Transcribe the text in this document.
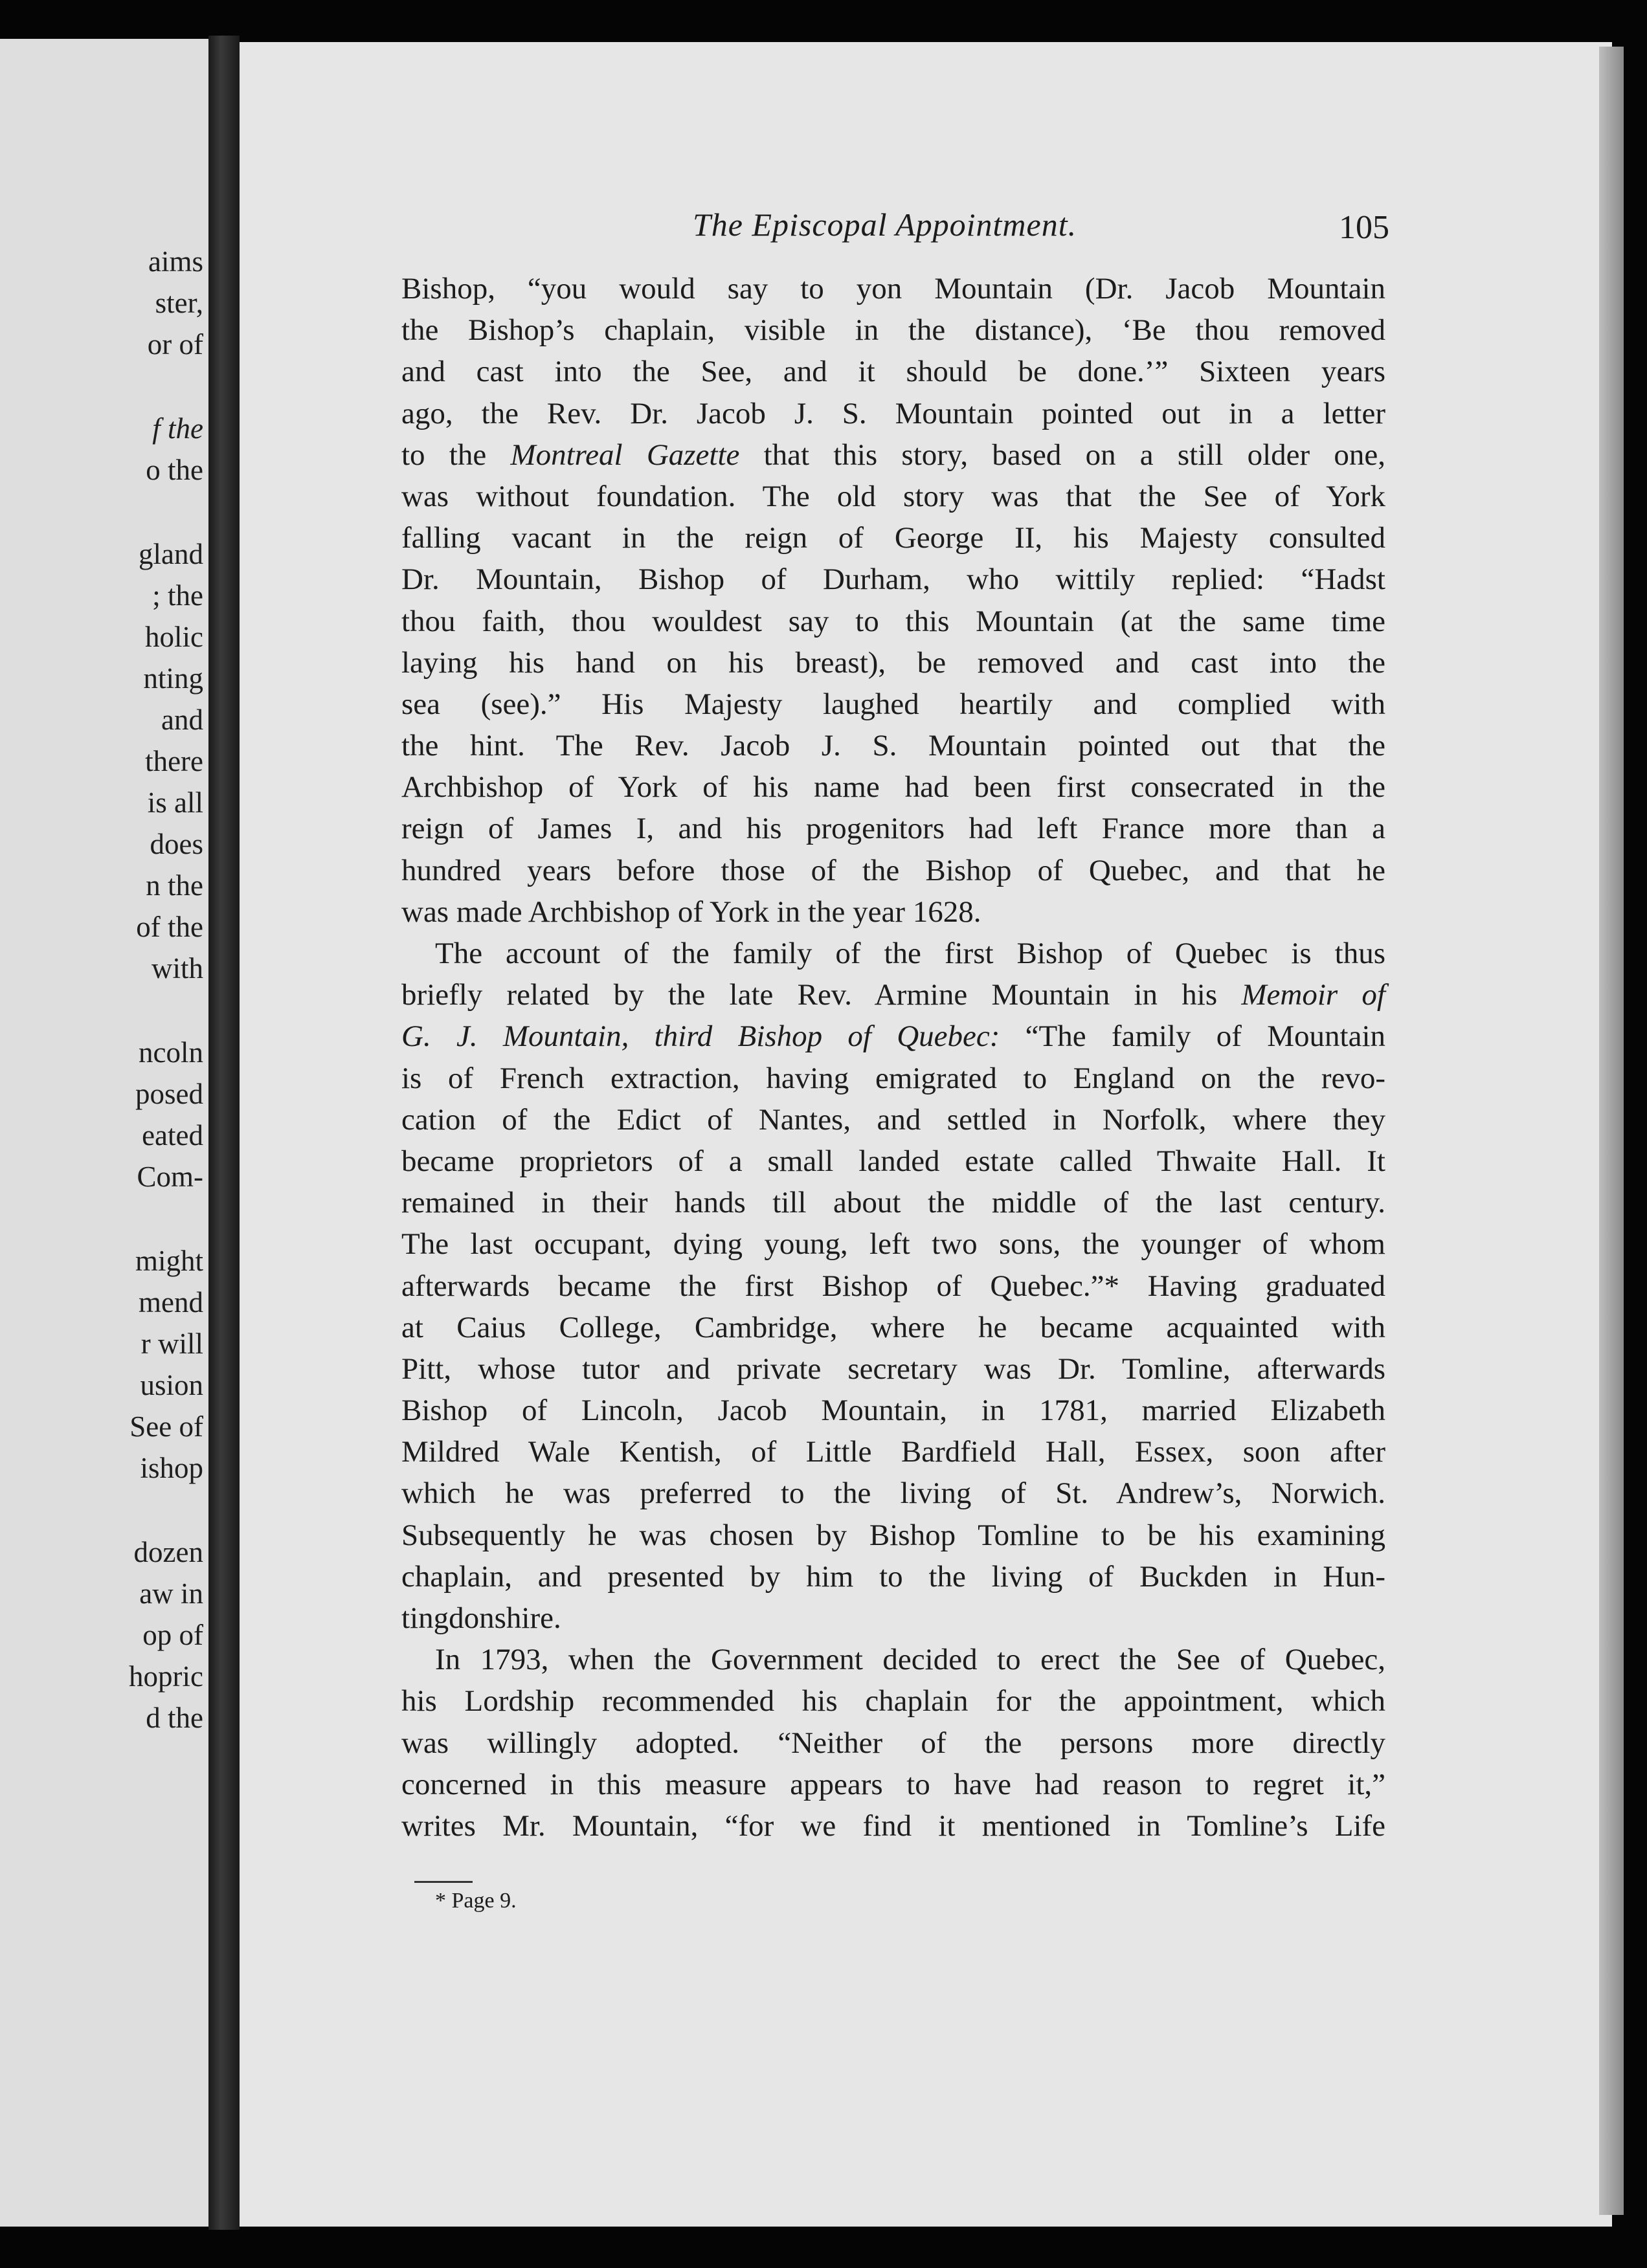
aims
ster,
or of
f the
o the
gland
; the
holic
nting
and
there
is all
does
n the
of the
with
ncoln
posed
eated
Com-
might
mend
r will
usion
See of
ishop
dozen
aw in
op of
hopric
d the
The Episcopal Appointment.	105
Bishop, “you would say to yon Mountain (Dr. Jacob Mountain
the Bishop’s chaplain, visible in the distance), ‘Be thou removed
and cast into the See, and it should be done.’” Sixteen years
ago, the Rev. Dr. Jacob J. S. Mountain pointed out in a letter
to the Montreal Gazette that this story, based on a still older one,
was without foundation. The old story was that the See of York
falling vacant in the reign of George II, his Majesty consulted
Dr. Mountain, Bishop of Durham, who wittily replied: “Hadst
thou faith, thou wouldest say to this Mountain (at the same time
laying his hand on his breast), be removed and cast into the
sea (see).” His Majesty laughed heartily and complied with
the hint. The Rev. Jacob J. S. Mountain pointed out that the
Archbishop of York of his name had been first consecrated in the
reign of James I, and his progenitors had left France more than a
hundred years before those of the Bishop of Quebec, and that he
was made Archbishop of York in the year 1628.
The account of the family of the first Bishop of Quebec is thus
briefly related by the late Rev. Armine Mountain in his Memoir of
G. J. Mountain, third Bishop of Quebec: “The family of Mountain
is of French extraction, having emigrated to England on the revo-
cation of the Edict of Nantes, and settled in Norfolk, where they
became proprietors of a small landed estate called Thwaite Hall. It
remained in their hands till about the middle of the last century.
The last occupant, dying young, left two sons, the younger of whom
afterwards became the first Bishop of Quebec.”* Having graduated
at Caius College, Cambridge, where he became acquainted with
Pitt, whose tutor and private secretary was Dr. Tomline, afterwards
Bishop of Lincoln, Jacob Mountain, in 1781, married Elizabeth
Mildred Wale Kentish, of Little Bardfield Hall, Essex, soon after
which he was preferred to the living of St. Andrew’s, Norwich.
Subsequently he was chosen by Bishop Tomline to be his examining
chaplain, and presented by him to the living of Buckden in Hun-
tingdonshire.
In 1793, when the Government decided to erect the See of Quebec,
his Lordship recommended his chaplain for the appointment, which
was willingly adopted. “Neither of the persons more directly
concerned in this measure appears to have had reason to regret it,”
writes Mr. Mountain, “for we find it mentioned in Tomline’s Life
* Page 9.
